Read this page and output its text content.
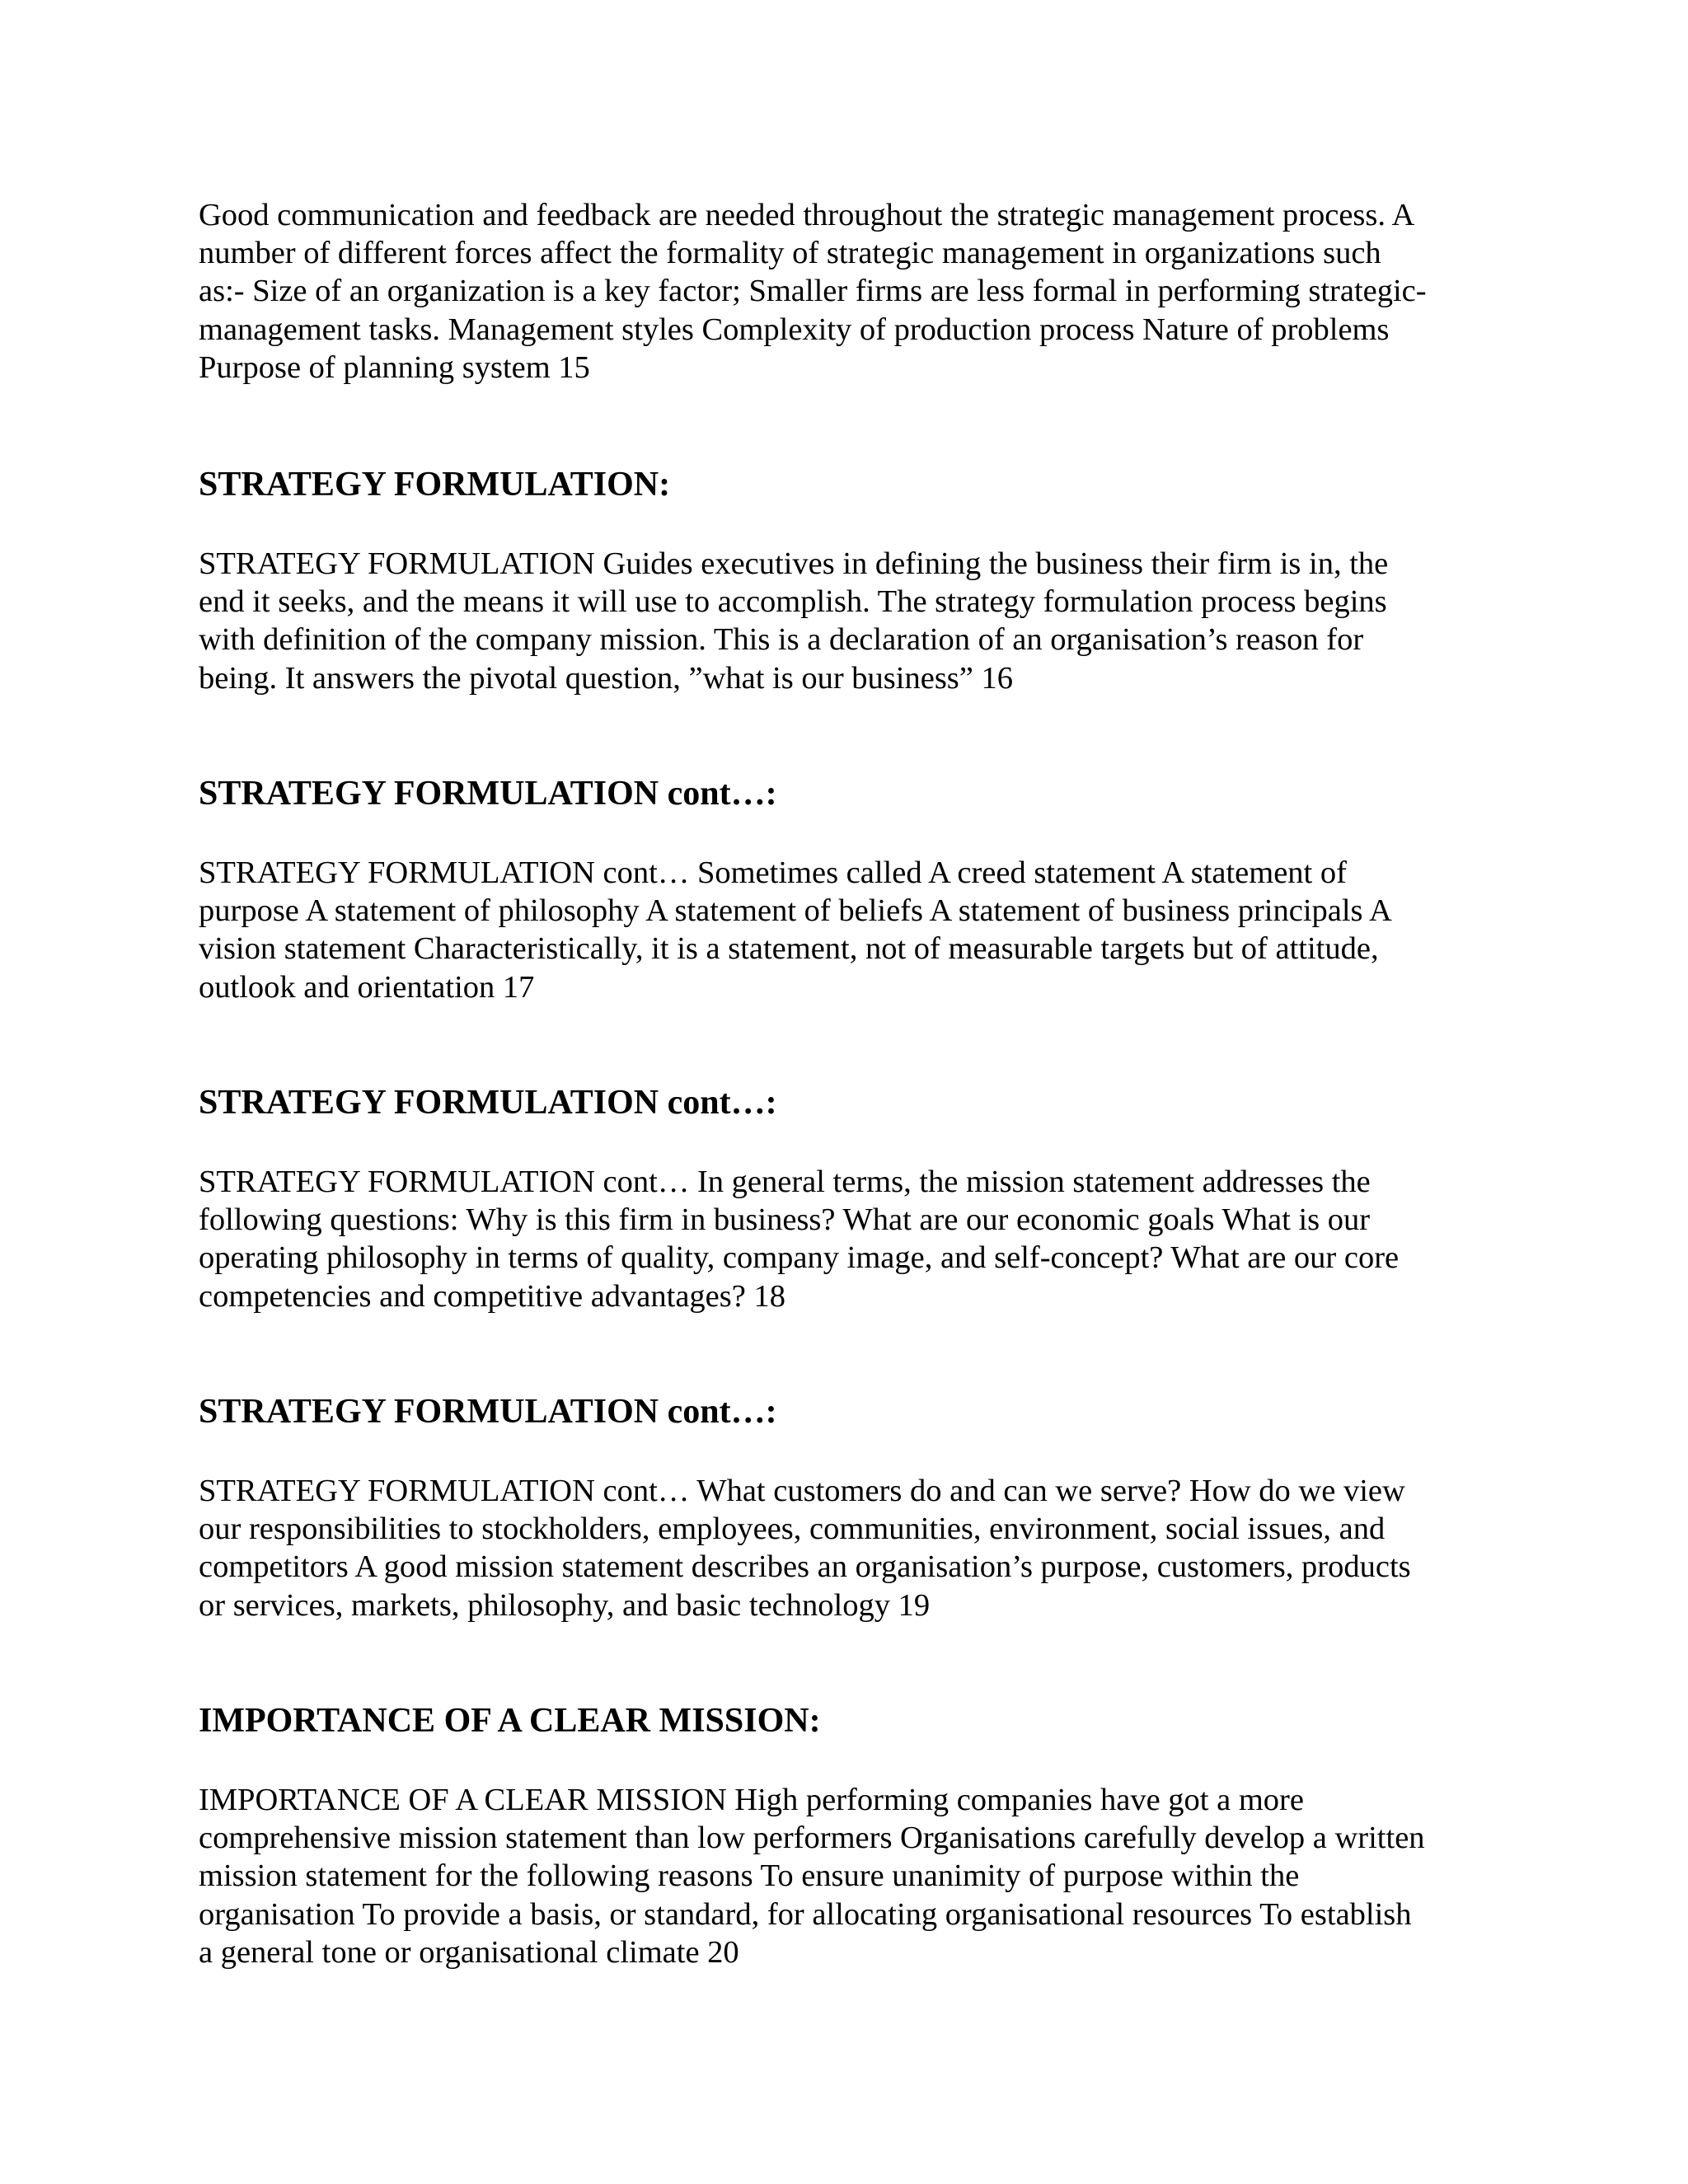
Good communication and feedback are needed throughout the strategic management process. A
number of different forces affect the formality of strategic management in organizations such
as:- Size of an organization is a key factor; Smaller firms are less formal in performing strategic-
management tasks. Management styles Complexity of production process Nature of problems
Purpose of planning system 15
STRATEGY FORMULATION:
STRATEGY FORMULATION Guides executives in defining the business their firm is in, the
end it seeks, and the means it will use to accomplish. The strategy formulation process begins
with definition of the company mission. This is a declaration of an organisation’s reason for
being. It answers the pivotal question, ”what is our business” 16
STRATEGY FORMULATION cont…:
STRATEGY FORMULATION cont… Sometimes called A creed statement A statement of
purpose A statement of philosophy A statement of beliefs A statement of business principals A
vision statement Characteristically, it is a statement, not of measurable targets but of attitude,
outlook and orientation 17
STRATEGY FORMULATION cont…:
STRATEGY FORMULATION cont… In general terms, the mission statement addresses the
following questions: Why is this firm in business? What are our economic goals What is our
operating philosophy in terms of quality, company image, and self-concept? What are our core
competencies and competitive advantages? 18
STRATEGY FORMULATION cont…:
STRATEGY FORMULATION cont… What customers do and can we serve? How do we view
our responsibilities to stockholders, employees, communities, environment, social issues, and
competitors A good mission statement describes an organisation’s purpose, customers, products
or services, markets, philosophy, and basic technology 19
IMPORTANCE OF A CLEAR MISSION:
IMPORTANCE OF A CLEAR MISSION High performing companies have got a more
comprehensive mission statement than low performers Organisations carefully develop a written
mission statement for the following reasons To ensure unanimity of purpose within the
organisation To provide a basis, or standard, for allocating organisational resources To establish
a general tone or organisational climate 20
